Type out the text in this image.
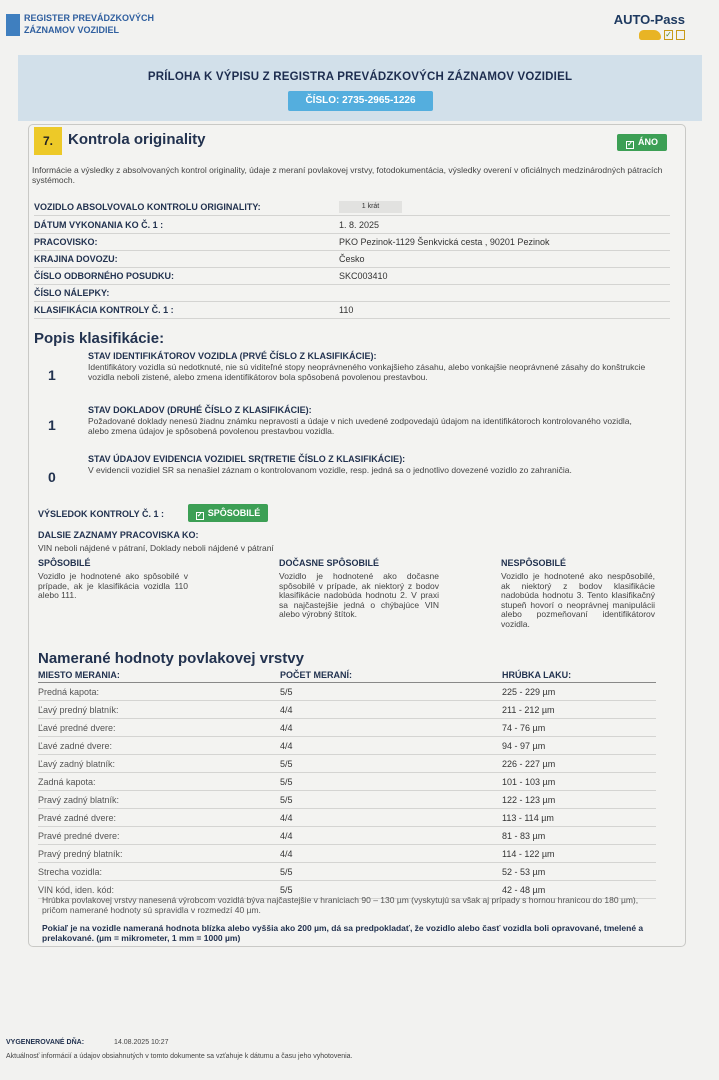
REGISTER PREVÁDZKOVÝCH
ZÁZNAMOV VOZIDIEL
AUTO-Pass
✓
PRÍLOHA K VÝPISU Z REGISTRA PREVÁDZKOVÝCH ZÁZNAMOV VOZIDIEL
ČÍSLO: 2735-2965-1226
7.	Kontrola originality	✓ ÁNO
Informácie a výsledky z absolvovaných kontrol originality, údaje z meraní povlakovej vrstvy, fotodokumentácia, výsledky overení v oficiálnych medzinárodných pátracích systémoch.
VOZIDLO ABSOLVOVALO KONTROLU ORIGINALITY:	1 krát
DÁTUM VYKONANIA KO Č. 1 :	1. 8. 2025
PRACOVISKO:	PKO Pezinok-1129 Šenkvická cesta , 90201 Pezinok
KRAJINA DOVOZU:	Česko
ČÍSLO ODBORNÉHO POSUDKU:	SKC003410
ČÍSLO NÁLEPKY:
KLASIFIKÁCIA KONTROLY Č. 1 :	110
Popis klasifikácie:
1
STAV IDENTIFIKÁTOROV VOZIDLA (PRVÉ ČÍSLO Z KLASIFIKÁCIE):
Identifikátory vozidla sú nedotknuté, nie sú viditeľné stopy neoprávneného vonkajšieho zásahu, alebo vonkajšie neoprávnené zásahy do konštrukcie vozidla neboli zistené, alebo zmena identifikátorov bola spôsobená povolenou prestavbou.
1
STAV DOKLADOV (DRUHÉ ČÍSLO Z KLASIFIKÁCIE):
Požadované doklady nenesú žiadnu známku nepravosti a údaje v nich uvedené zodpovedajú údajom na identifikátoroch kontrolovaného vozidla, alebo zmena údajov je spôsobená povolenou prestavbou vozidla.
0
STAV ÚDAJOV EVIDENCIA VOZIDIEL SR(TRETIE ČÍSLO Z KLASIFIKÁCIE):
V evidencii vozidiel SR sa nenašiel záznam o kontrolovanom vozidle, resp. jedná sa o jednotlivo dovezené vozidlo zo zahraničia.
VÝSLEDOK KONTROLY Č. 1 :	✓ SPÔSOBILÉ
DALSIE ZAZNAMY PRACOVISKA KO:
VIN neboli nájdené v pátraní, Doklady neboli nájdené v pátraní
SPÔSOBILÉ
Vozidlo je hodnotené ako spôsobilé v prípade, ak je klasifikácia vozidla 110 alebo 111.
DOČASNE SPÔSOBILÉ
Vozidlo je hodnotené ako dočasne spôsobilé v prípade, ak niektorý z bodov klasifikácie nadobúda hodnotu 2. V praxi sa najčastejšie jedná o chýbajúce VIN alebo výrobný štítok.
NESPÔSOBILÉ
Vozidlo je hodnotené ako nespôsobilé, ak niektorý z bodov klasifikácie nadobúda hodnotu 3. Tento klasifikačný stupeň hovorí o neoprávnej manipulácii alebo pozmeňovaní identifikátorov vozidla.
Namerané hodnoty povlakovej vrstvy
MIESTO MERANIA:	POČET MERANÍ:	HRÚBKA LAKU:
Predná kapota:	5/5	225 - 229 µm
Ľavý predný blatník:	4/4	211 - 212 µm
Ľavé predné dvere:	4/4	74 - 76 µm
Ľavé zadné dvere:	4/4	94 - 97 µm
Ľavý zadný blatník:	5/5	226 - 227 µm
Zadná kapota:	5/5	101 - 103 µm
Pravý zadný blatník:	5/5	122 - 123 µm
Pravé zadné dvere:	4/4	113 - 114 µm
Pravé predné dvere:	4/4	81 - 83 µm
Pravý predný blatník:	4/4	114 - 122 µm
Strecha vozidla:	5/5	52 - 53 µm
VIN kód, iden. kód:	5/5	42 - 48 µm
Hrúbka povlakovej vrstvy nanesená výrobcom vozidlá býva najčastejšie v hraniciach 90 – 130 µm (vyskytujú sa však aj prípady s hornou hranicou do 180 µm), pričom namerané hodnoty sú spravidla v rozmedzí 40 µm.
Pokiaľ je na vozidle nameraná hodnota blízka alebo vyššia ako 200 µm, dá sa predpokladať, že vozidlo alebo časť vozidla boli opravované, tmelené a prelakované. (µm = mikrometer, 1 mm = 1000 µm)
VYGENEROVANÉ DŇA:	14.08.2025 10:27
Aktuálnosť informácií a údajov obsiahnutých v tomto dokumente sa vzťahuje k dátumu a času jeho vyhotovenia.
